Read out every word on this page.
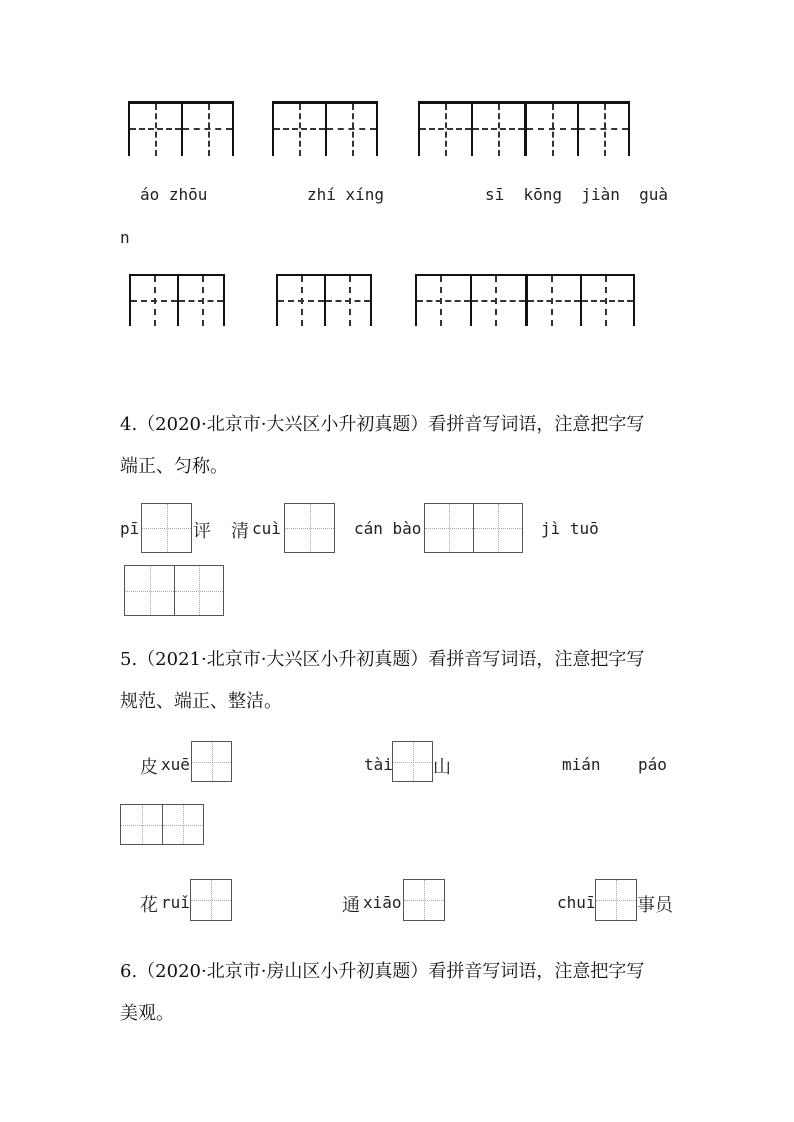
áo zhōu	zhí xíng	sī  kōng  jiàn  guà
n
4.（2020·北京市·大兴区小升初真题）看拼音写词语，注意把字写
端正、匀称。
pī	评 清 cuì	cán bào	jì tuō
5.（2021·北京市·大兴区小升初真题）看拼音写词语，注意把字写
规范、端正、整洁。
皮 xuē	tài 山	mián páo
花 ruǐ	通 xiāo	chuī 事员
6.（2020·北京市·房山区小升初真题）看拼音写词语，注意把字写
美观。
